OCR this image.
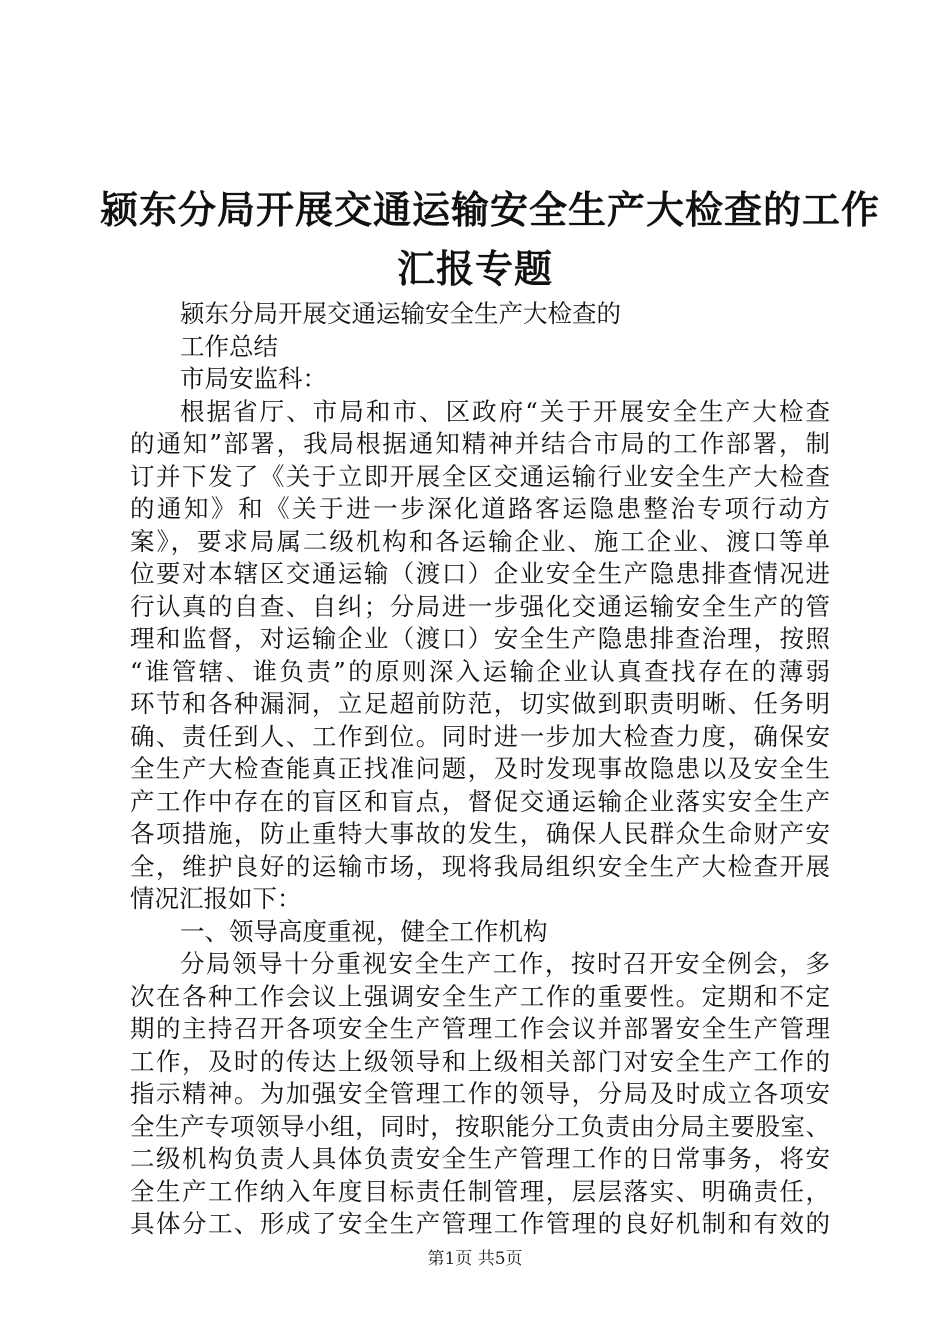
颍东分局开展交通运输安全生产大检查的工作
汇报专题
颍东分局开展交通运输安全生产大检查的
工作总结
市局安监科：
根据省厅、市局和市、区政府“关于开展安全生产大检查
的通知”部署，我局根据通知精神并结合市局的工作部署，制
订并下发了《关于立即开展全区交通运输行业安全生产大检查
的通知》和《关于进一步深化道路客运隐患整治专项行动方
案》，要求局属二级机构和各运输企业、施工企业、渡口等单
位要对本辖区交通运输（渡口）企业安全生产隐患排查情况进
行认真的自查、自纠；分局进一步强化交通运输安全生产的管
理和监督，对运输企业（渡口）安全生产隐患排查治理，按照
“谁管辖、谁负责”的原则深入运输企业认真查找存在的薄弱
环节和各种漏洞，立足超前防范，切实做到职责明晰、任务明
确、责任到人、工作到位。同时进一步加大检查力度，确保安
全生产大检查能真正找准问题，及时发现事故隐患以及安全生
产工作中存在的盲区和盲点，督促交通运输企业落实安全生产
各项措施，防止重特大事故的发生，确保人民群众生命财产安
全，维护良好的运输市场，现将我局组织安全生产大检查开展
情况汇报如下：
一、领导高度重视，健全工作机构
分局领导十分重视安全生产工作，按时召开安全例会，多
次在各种工作会议上强调安全生产工作的重要性。定期和不定
期的主持召开各项安全生产管理工作会议并部署安全生产管理
工作，及时的传达上级领导和上级相关部门对安全生产工作的
指示精神。为加强安全管理工作的领导，分局及时成立各项安
全生产专项领导小组，同时，按职能分工负责由分局主要股室、
二级机构负责人具体负责安全生产管理工作的日常事务，将安
全生产工作纳入年度目标责任制管理，层层落实、明确责任，
具体分工、形成了安全生产管理工作管理的良好机制和有效的
第1页 共5页
